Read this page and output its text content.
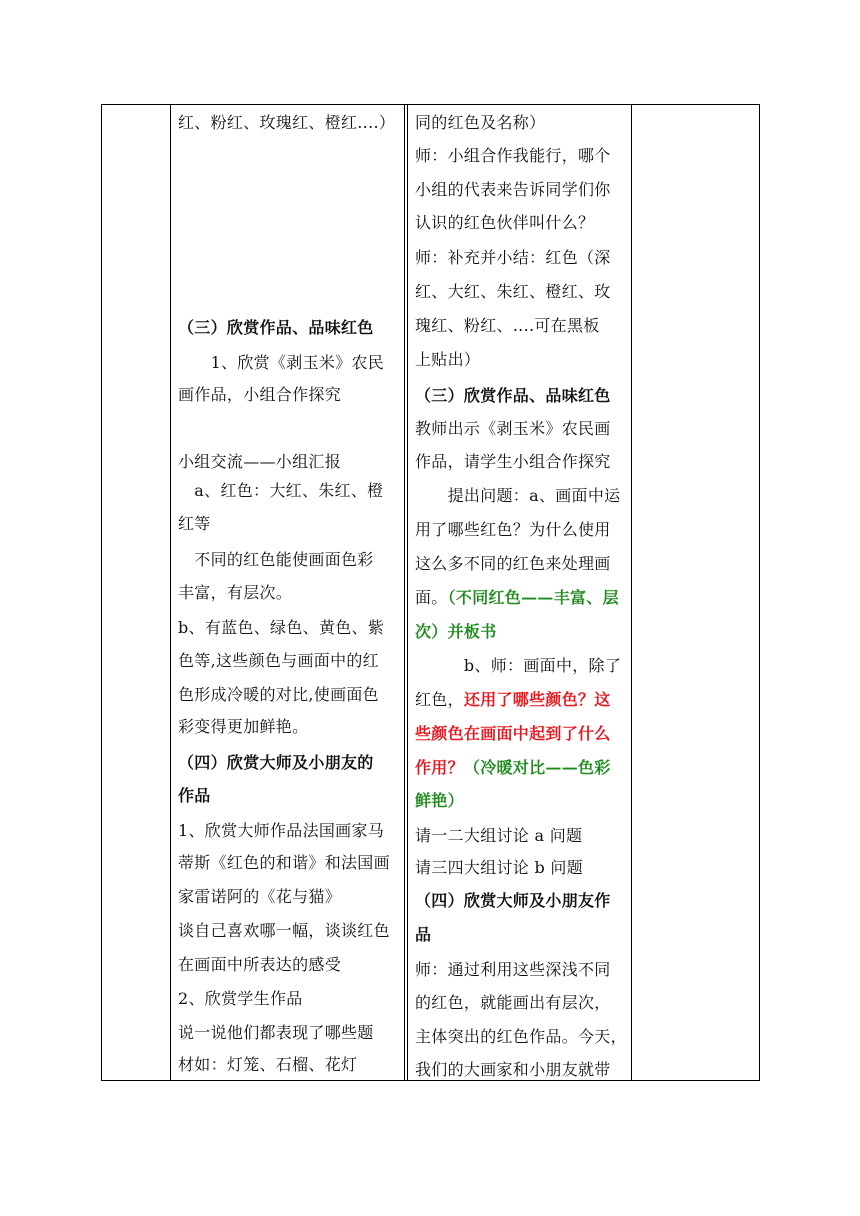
红、粉红、玫瑰红、橙红....）
（三）欣赏作品、品味红色
　　1、欣赏《剥玉米》农民
画作品，小组合作探究
小组交流——小组汇报
　a、红色：大红、朱红、橙
红等
　不同的红色能使画面色彩
丰富，有层次。
b、有蓝色、绿色、黄色、紫
色等,这些颜色与画面中的红
色形成冷暖的对比,使画面色
彩变得更加鲜艳。
（四）欣赏大师及小朋友的
作品
1、欣赏大师作品法国画家马
蒂斯《红色的和谐》和法国画
家雷诺阿的《花与猫》
谈自己喜欢哪一幅，谈谈红色
在画面中所表达的感受
2、欣赏学生作品
说一说他们都表现了哪些题
材如：灯笼、石榴、花灯
同的红色及名称）
师：小组合作我能行，哪个
小组的代表来告诉同学们你
认识的红色伙伴叫什么？
师：补充并小结：红色（深
红、大红、朱红、橙红、玫
瑰红、粉红、....可在黑板
上贴出）
（三）欣赏作品、品味红色
教师出示《剥玉米》农民画
作品，请学生小组合作探究
　　提出问题：a、画面中运
用了哪些红色？为什么使用
这么多不同的红色来处理画
面。（不同红色——丰富、层
次）并板书
　　　b、师：画面中，除了
红色，还用了哪些颜色？这
些颜色在画面中起到了什么
作用？（冷暖对比——色彩
鲜艳）
请一二大组讨论 a 问题
请三四大组讨论 b 问题
（四）欣赏大师及小朋友作
品
师：通过利用这些深浅不同
的红色，就能画出有层次，
主体突出的红色作品。今天，
我们的大画家和小朋友就带
